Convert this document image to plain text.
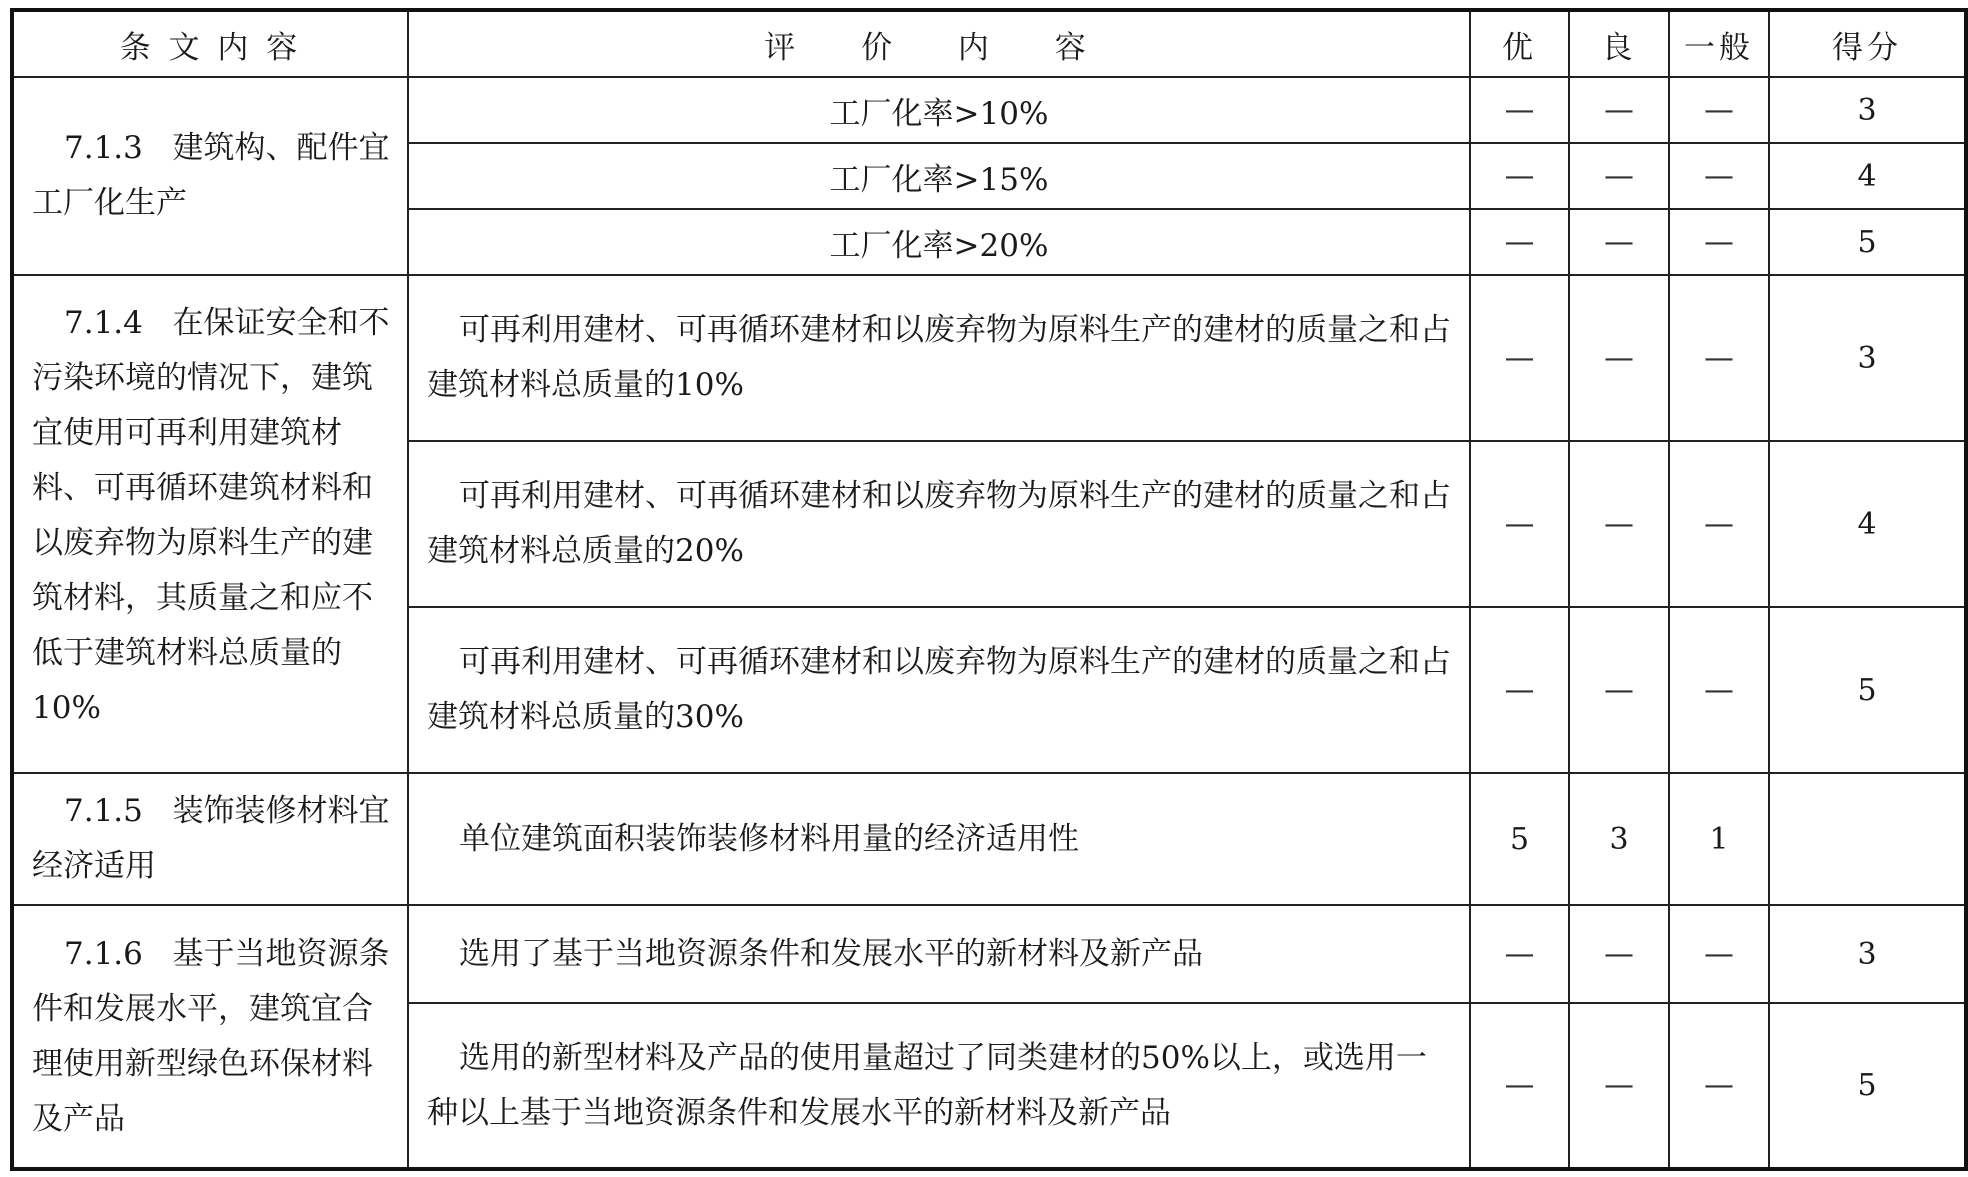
条 文 内 容	评 价 内 容	优	良	一般	得分
7.1.3 建筑构、配件宜工厂化生产	工厂化率>10%	—	—	—	3
	工厂化率>15%	—	—	—	4
	工厂化率>20%	—	—	—	5
7.1.4 在保证安全和不污染环境的情况下，建筑宜使用可再利用建筑材料、可再循环建筑材料和以废弃物为原料生产的建筑材料，其质量之和应不低于建筑材料总质量的10%	可再利用建材、可再循环建材和以废弃物为原料生产的建材的质量之和占建筑材料总质量的10%	—	—	—	3
	可再利用建材、可再循环建材和以废弃物为原料生产的建材的质量之和占建筑材料总质量的20%	—	—	—	4
	可再利用建材、可再循环建材和以废弃物为原料生产的建材的质量之和占建筑材料总质量的30%	—	—	—	5
7.1.5 装饰装修材料宜经济适用	单位建筑面积装饰装修材料用量的经济适用性	5	3	1	
7.1.6 基于当地资源条件和发展水平，建筑宜合理使用新型绿色环保材料及产品	选用了基于当地资源条件和发展水平的新材料及新产品	—	—	—	3
	选用的新型材料及产品的使用量超过了同类建材的50%以上，或选用一种以上基于当地资源条件和发展水平的新材料及新产品	—	—	—	5
